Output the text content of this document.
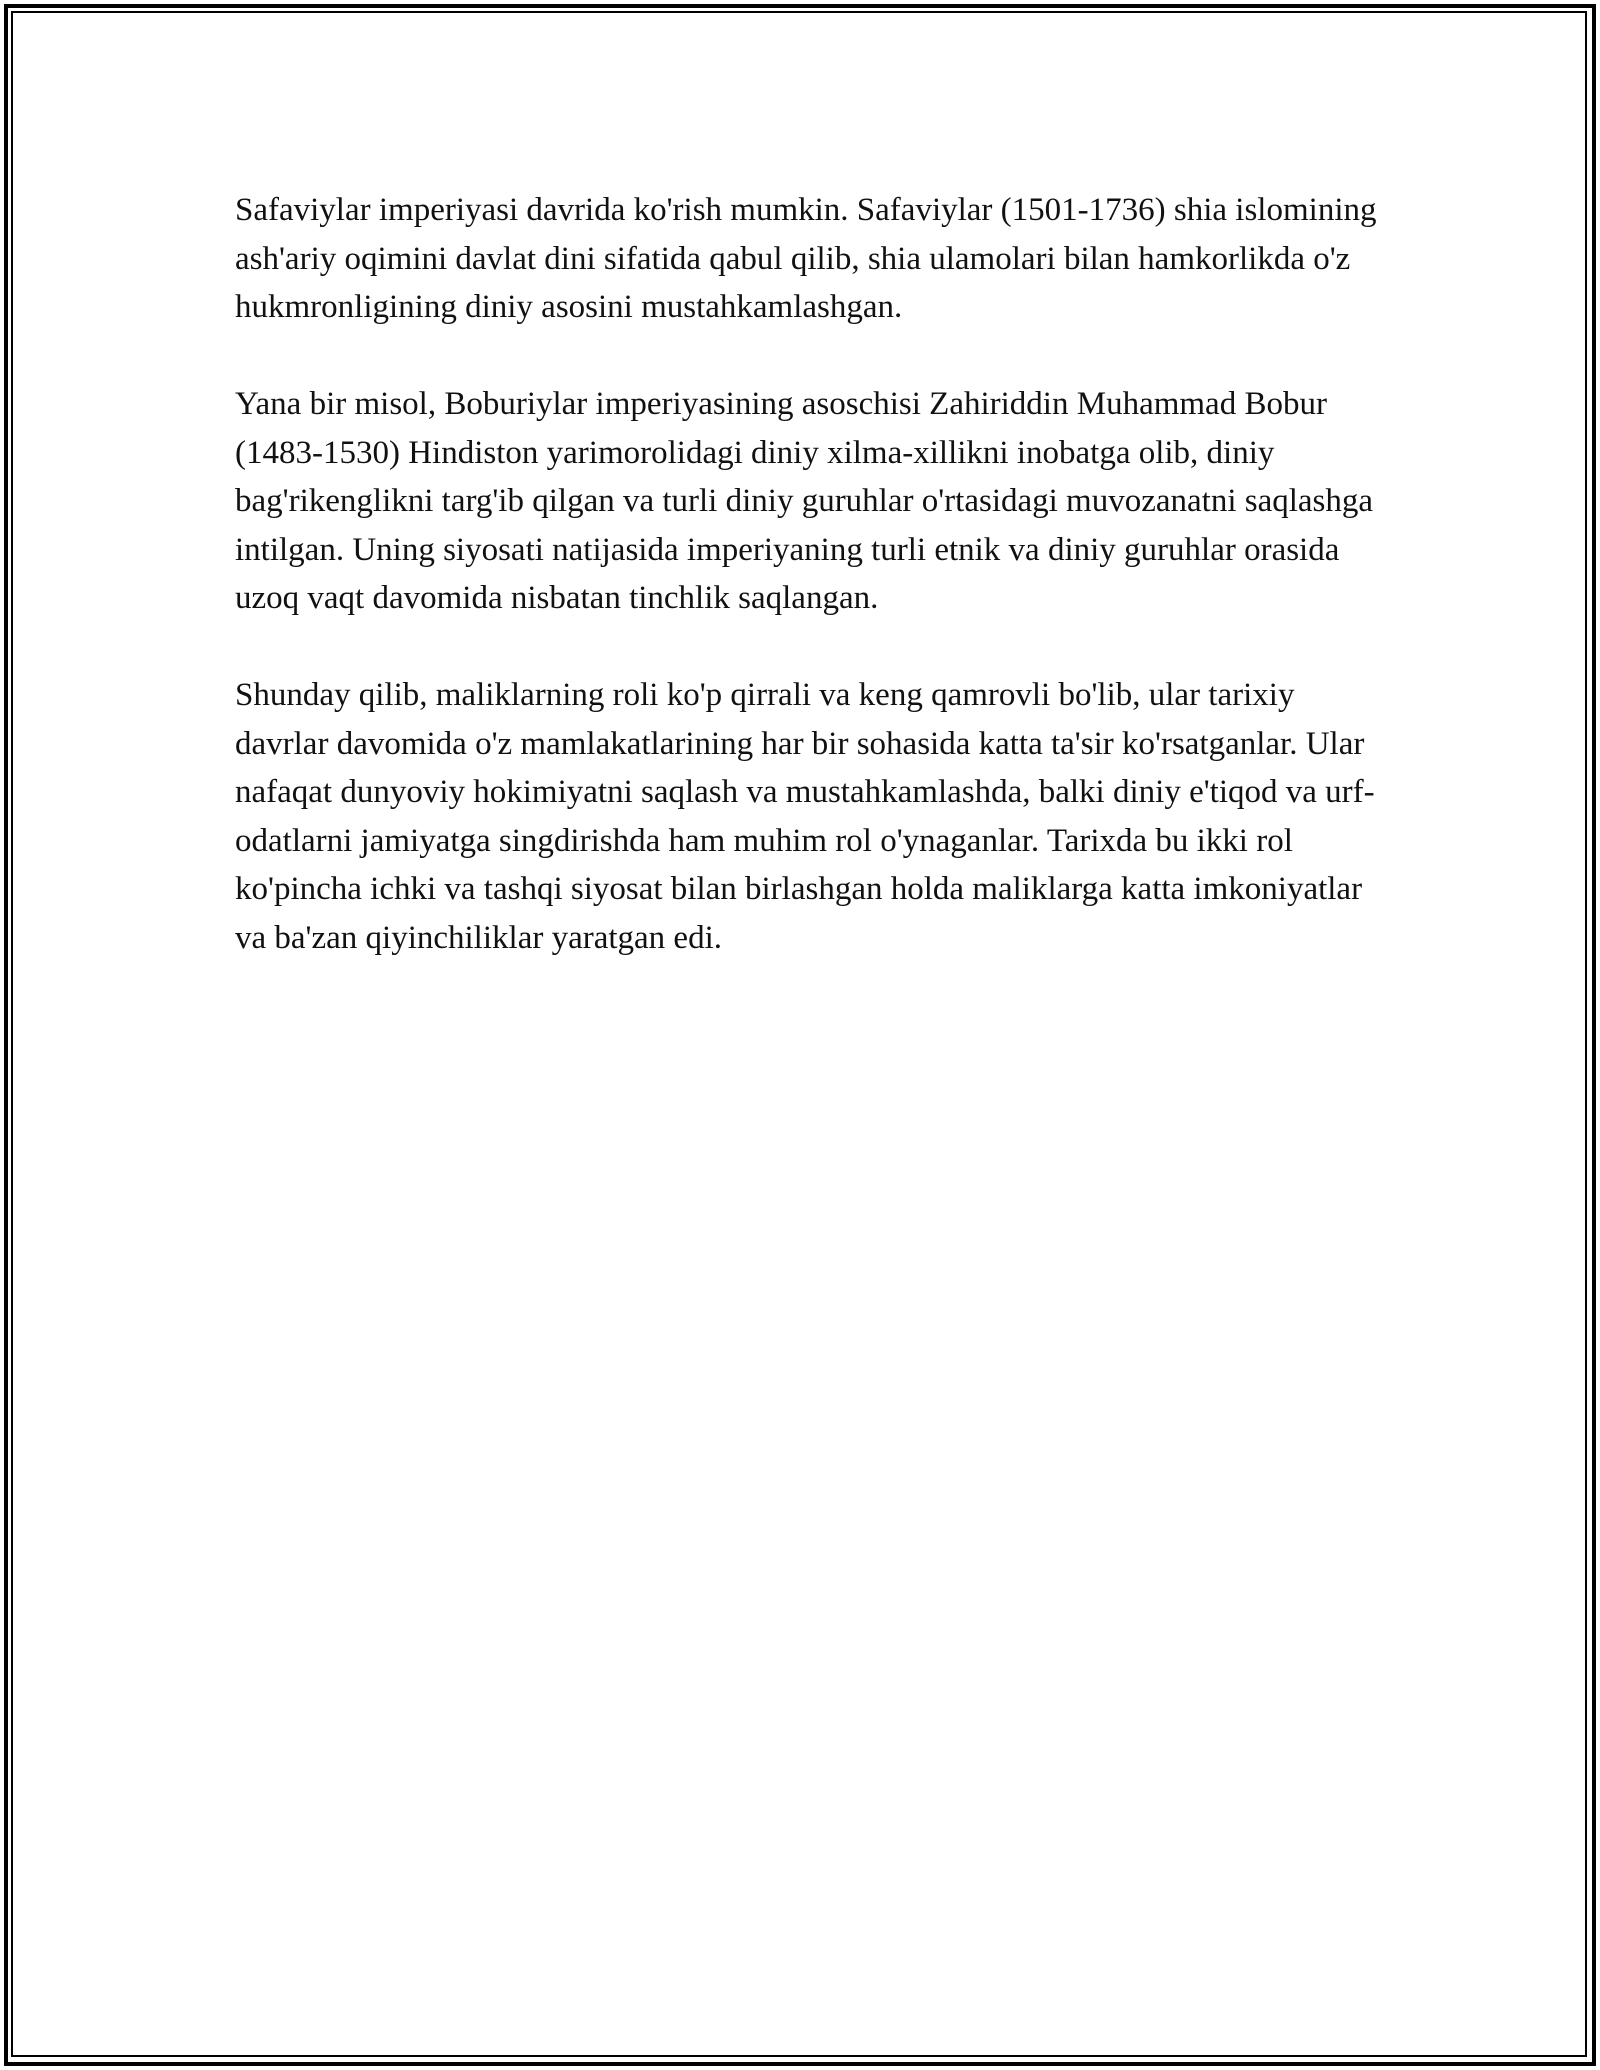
Safaviylar imperiyasi davrida ko'rish mumkin. Safaviylar (1501-1736) shia islomining ash'ariy oqimini davlat dini sifatida qabul qilib, shia ulamolari bilan hamkorlikda o'z hukmronligining diniy asosini mustahkamlashgan.

Yana bir misol, Boburiylar imperiyasining asoschisi Zahiriddin Muhammad Bobur (1483-1530) Hindiston yarimorolidagi diniy xilma-xillikni inobatga olib, diniy bag'rikenglikni targ'ib qilgan va turli diniy guruhlar o'rtasidagi muvozanatni saqlashga intilgan. Uning siyosati natijasida imperiyaning turli etnik va diniy guruhlar orasida uzoq vaqt davomida nisbatan tinchlik saqlangan.

Shunday qilib, maliklarning roli ko'p qirrali va keng qamrovli bo'lib, ular tarixiy davrlar davomida o'z mamlakatlarining har bir sohasida katta ta'sir ko'rsatganlar. Ular nafaqat dunyoviy hokimiyatni saqlash va mustahkamlashda, balki diniy e'tiqod va urf-odatlarni jamiyatga singdirishda ham muhim rol o'ynaganlar. Tarixda bu ikki rol ko'pincha ichki va tashqi siyosat bilan birlashgan holda maliklarga katta imkoniyatlar va ba'zan qiyinchiliklar yaratgan edi.
